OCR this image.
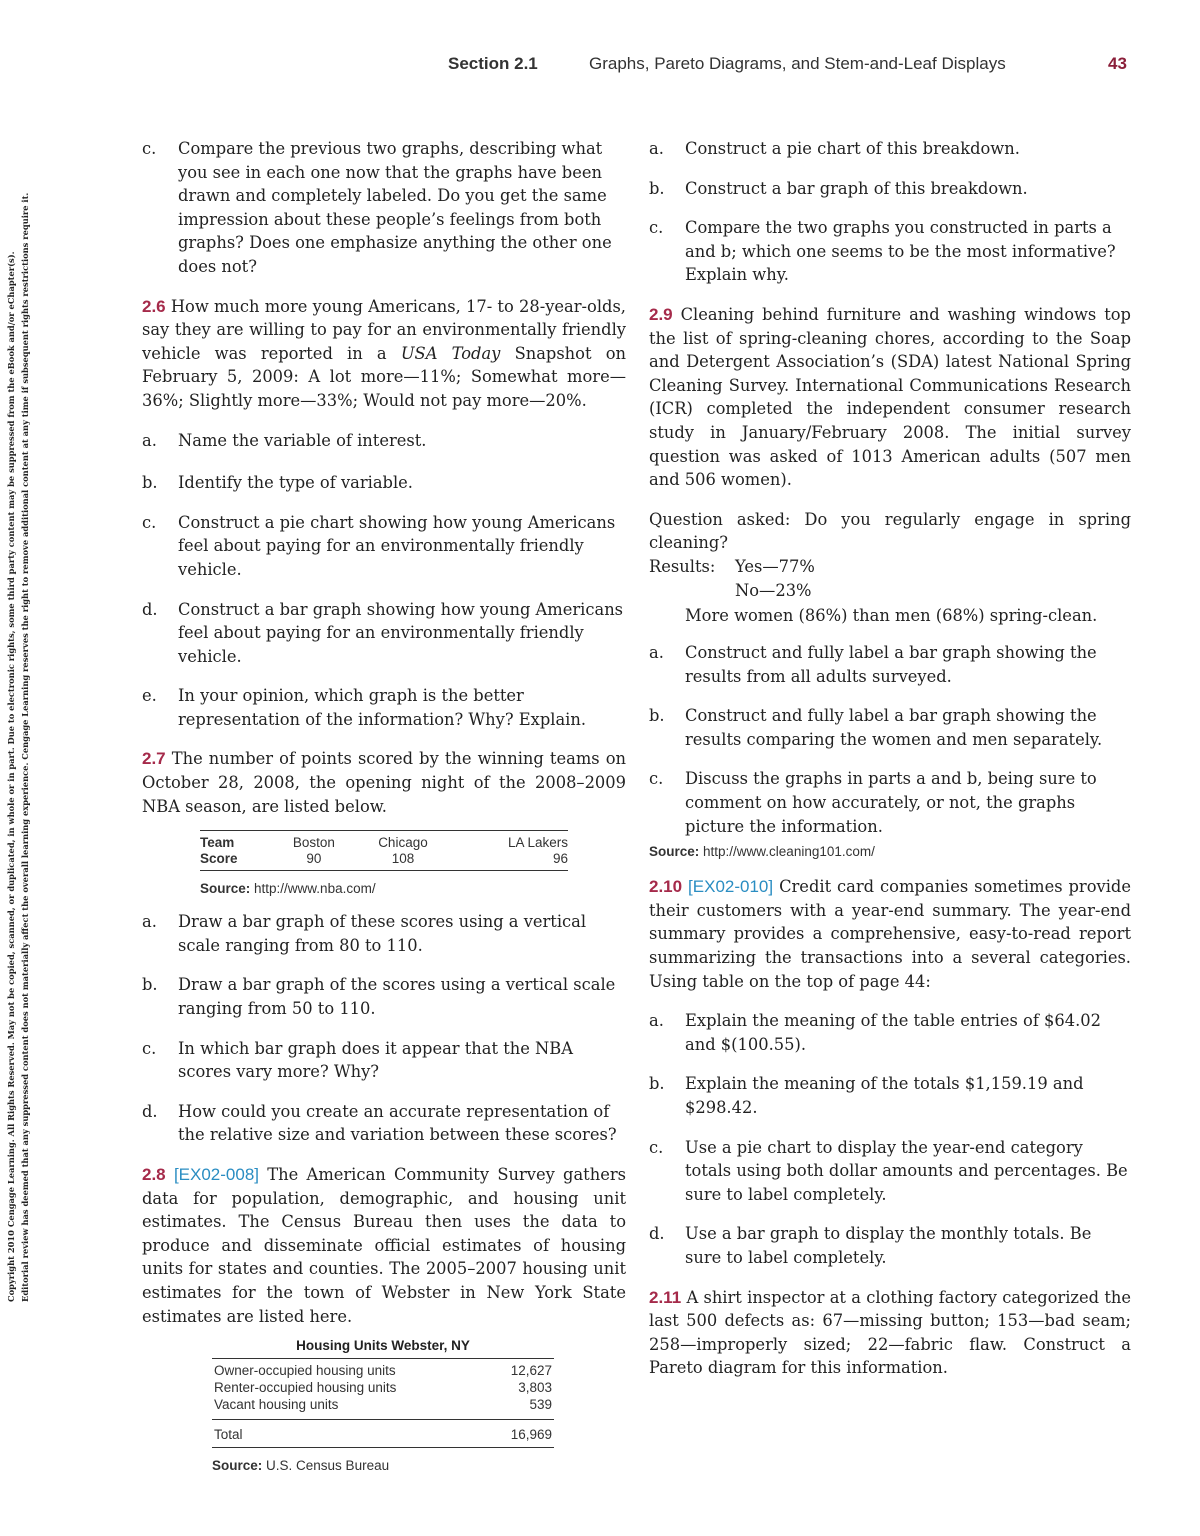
Section 2.1	Graphs, Pareto Diagrams, and Stem-and-Leaf Displays	43
Copyright 2010 Cengage Learning. All Rights Reserved. May not be copied, scanned, or duplicated, in whole or in part. Due to electronic rights, some third party content may be suppressed from the eBook and/or eChapter(s). Editorial review has deemed that any suppressed content does not materially affect the overall learning experience. Cengage Learning reserves the right to remove additional content at any time if subsequent rights restrictions require it.
c.	Compare the previous two graphs, describing what you see in each one now that the graphs have been drawn and completely labeled. Do you get the same impression about these people’s feelings from both graphs? Does one emphasize anything the other one does not?

2.6 How much more young Americans, 17- to 28-year-olds, say they are willing to pay for an environmentally friendly vehicle was reported in a USA Today Snapshot on February 5, 2009: A lot more—11%; Somewhat more—36%; Slightly more—33%; Would not pay more—20%.

a.	Name the variable of interest.
b.	Identify the type of variable.
c.	Construct a pie chart showing how young Americans feel about paying for an environmentally friendly vehicle.
d.	Construct a bar graph showing how young Americans feel about paying for an environmentally friendly vehicle.
e.	In your opinion, which graph is the better representation of the information? Why? Explain.

2.7 The number of points scored by the winning teams on October 28, 2008, the opening night of the 2008–2009 NBA season, are listed below.

Team	Boston	Chicago	LA Lakers
Score	90	108	96
Source: http://www.nba.com/
a.	Draw a bar graph of these scores using a vertical scale ranging from 80 to 110.
b.	Draw a bar graph of the scores using a vertical scale ranging from 50 to 110.
c.	In which bar graph does it appear that the NBA scores vary more? Why?
d.	How could you create an accurate representation of the relative size and variation between these scores?

2.8 [EX02-008] The American Community Survey gathers data for population, demographic, and housing unit estimates. The Census Bureau then uses the data to produce and disseminate official estimates of housing units for states and counties. The 2005–2007 housing unit estimates for the town of Webster in New York State estimates are listed here.

Housing Units Webster, NY
Owner-occupied housing units	12,627
Renter-occupied housing units	3,803
Vacant housing units	539
Total	16,969
Source: U.S. Census Bureau
a.	Construct a pie chart of this breakdown.
b.	Construct a bar graph of this breakdown.
c.	Compare the two graphs you constructed in parts a and b; which one seems to be the most informative? Explain why.

2.9 Cleaning behind furniture and washing windows top the list of spring-cleaning chores, according to the Soap and Detergent Association’s (SDA) latest National Spring Cleaning Survey. International Communications Research (ICR) completed the independent consumer research study in January/February 2008. The initial survey question was asked of 1013 American adults (507 men and 506 women).

Question asked: Do you regularly engage in spring cleaning?

Results:	Yes—77%
No—23%
More women (86%) than men (68%) spring-clean.
a.	Construct and fully label a bar graph showing the results from all adults surveyed.
b.	Construct and fully label a bar graph showing the results comparing the women and men separately.
c.	Discuss the graphs in parts a and b, being sure to comment on how accurately, or not, the graphs picture the information.
Source: http://www.cleaning101.com/

2.10 [EX02-010] Credit card companies sometimes provide their customers with a year-end summary. The year-end summary provides a comprehensive, easy-to-read report summarizing the transactions into a several categories. Using table on the top of page 44:

a.	Explain the meaning of the table entries of $64.02 and $(100.55).
b.	Explain the meaning of the totals $1,159.19 and $298.42.
c.	Use a pie chart to display the year-end category totals using both dollar amounts and percentages. Be sure to label completely.
d.	Use a bar graph to display the monthly totals. Be sure to label completely.

2.11 A shirt inspector at a clothing factory categorized the last 500 defects as: 67—missing button; 153—bad seam; 258—improperly sized; 22—fabric flaw. Construct a Pareto diagram for this information.
